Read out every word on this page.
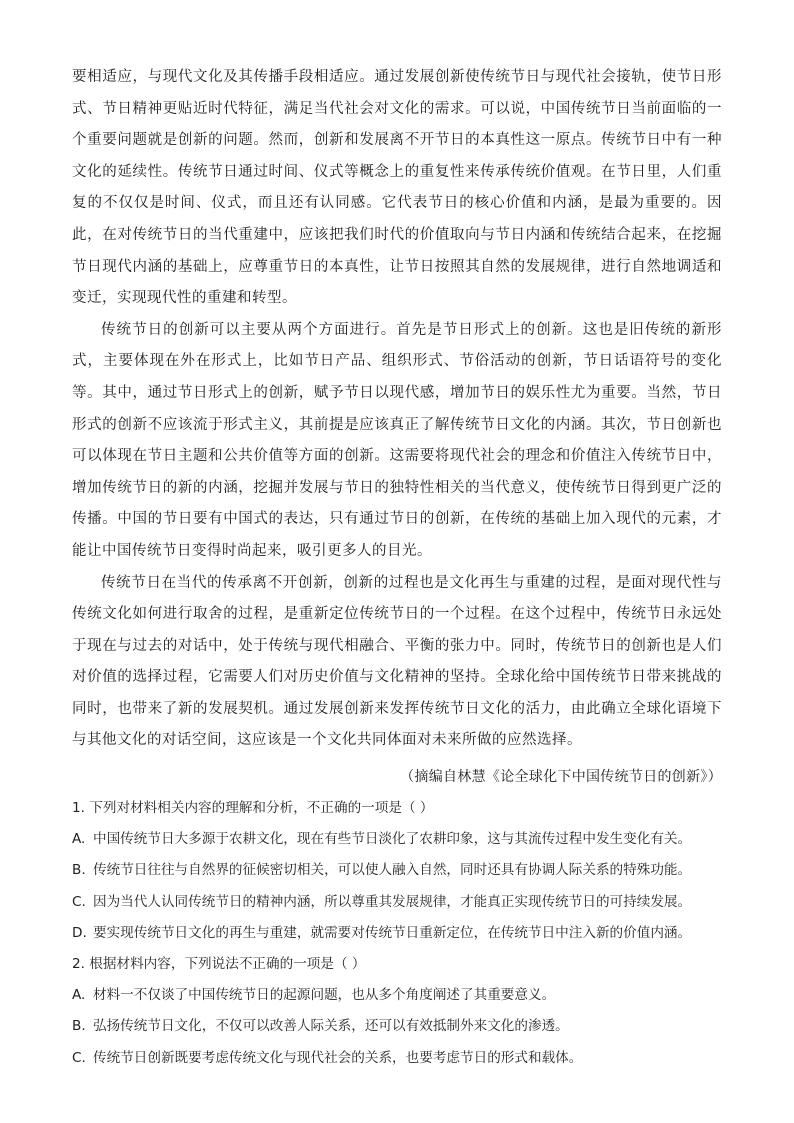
要相适应，与现代文化及其传播手段相适应。通过发展创新使传统节日与现代社会接轨，使节日形式、节日精神更贴近时代特征，满足当代社会对文化的需求。可以说，中国传统节日当前面临的一个重要问题就是创新的问题。然而，创新和发展离不开节日的本真性这一原点。传统节日中有一种文化的延续性。传统节日通过时间、仪式等概念上的重复性来传承传统价值观。在节日里，人们重复的不仅仅是时间、仪式，而且还有认同感。它代表节日的核心价值和内涵，是最为重要的。因此，在对传统节日的当代重建中，应该把我们时代的价值取向与节日内涵和传统结合起来，在挖掘节日现代内涵的基础上，应尊重节日的本真性，让节日按照其自然的发展规律，进行自然地调适和变迁，实现现代性的重建和转型。

传统节日的创新可以主要从两个方面进行。首先是节日形式上的创新。这也是旧传统的新形式，主要体现在外在形式上，比如节日产品、组织形式、节俗活动的创新，节日话语符号的变化等。其中，通过节日形式上的创新，赋予节日以现代感，增加节日的娱乐性尤为重要。当然，节日形式的创新不应该流于形式主义，其前提是应该真正了解传统节日文化的内涵。其次，节日创新也可以体现在节日主题和公共价值等方面的创新。这需要将现代社会的理念和价值注入传统节日中，增加传统节日的新的内涵，挖掘并发展与节日的独特性相关的当代意义，使传统节日得到更广泛的传播。中国的节日要有中国式的表达，只有通过节日的创新，在传统的基础上加入现代的元素，才能让中国传统节日变得时尚起来，吸引更多人的目光。

传统节日在当代的传承离不开创新，创新的过程也是文化再生与重建的过程，是面对现代性与传统文化如何进行取舍的过程，是重新定位传统节日的一个过程。在这个过程中，传统节日永远处于现在与过去的对话中，处于传统与现代相融合、平衡的张力中。同时，传统节日的创新也是人们对价值的选择过程，它需要人们对历史价值与文化精神的坚持。全球化给中国传统节日带来挑战的同时，也带来了新的发展契机。通过发展创新来发挥传统节日文化的活力，由此确立全球化语境下与其他文化的对话空间，这应该是一个文化共同体面对未来所做的应然选择。

（摘编自林慧《论全球化下中国传统节日的创新》）

1. 下列对材料相关内容的理解和分析，不正确的一项是（ ）

A. 中国传统节日大多源于农耕文化，现在有些节日淡化了农耕印象，这与其流传过程中发生变化有关。

B. 传统节日往往与自然界的征候密切相关，可以使人融入自然，同时还具有协调人际关系的特殊功能。

C. 因为当代人认同传统节日的精神内涵，所以尊重其发展规律，才能真正实现传统节日的可持续发展。

D. 要实现传统节日文化的再生与重建，就需要对传统节日重新定位，在传统节日中注入新的价值内涵。

2. 根据材料内容，下列说法不正确的一项是（ ）

A. 材料一不仅谈了中国传统节日的起源问题，也从多个角度阐述了其重要意义。

B. 弘扬传统节日文化，不仅可以改善人际关系，还可以有效抵制外来文化的渗透。

C. 传统节日创新既要考虑传统文化与现代社会的关系，也要考虑节日的形式和载体。
